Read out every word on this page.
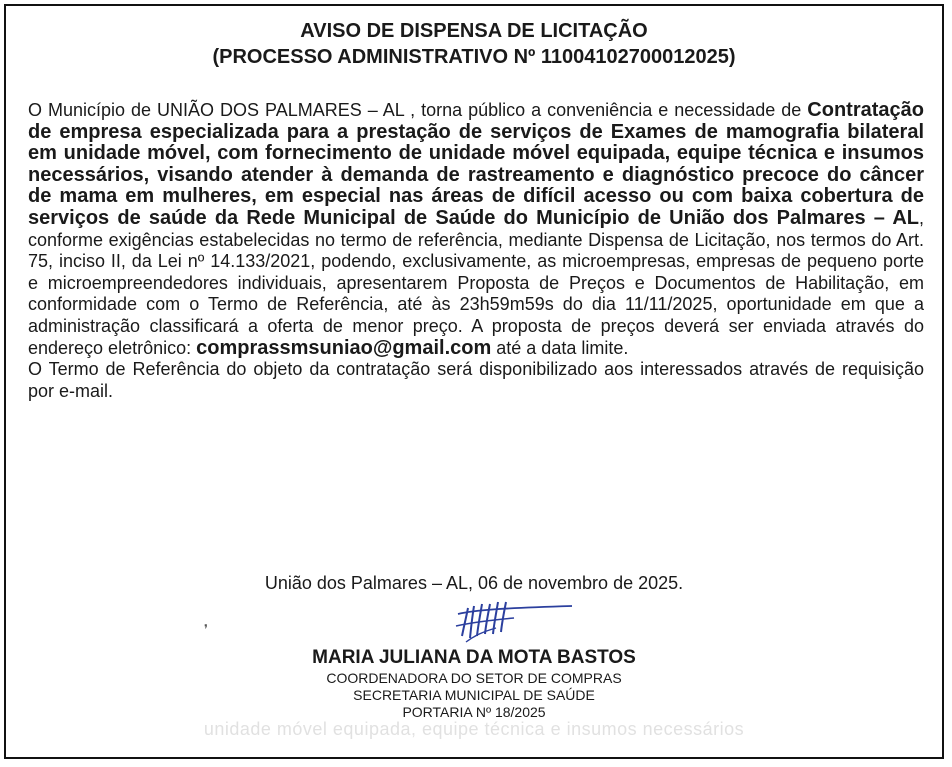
AVISO DE DISPENSA DE LICITAÇÃO
(PROCESSO ADMINISTRATIVO Nº 11004102700012025)

O Município de UNIÃO DOS PALMARES – AL , torna público a conveniência e necessidade de Contratação de empresa especializada para a prestação de serviços de Exames de mamografia bilateral em unidade móvel, com fornecimento de unidade móvel equipada, equipe técnica e insumos necessários, visando atender à demanda de rastreamento e diagnóstico precoce do câncer de mama em mulheres, em especial nas áreas de difícil acesso ou com baixa cobertura de serviços de saúde da Rede Municipal de Saúde do Município de União dos Palmares – AL, conforme exigências estabelecidas no termo de referência, mediante Dispensa de Licitação, nos termos do Art. 75, inciso II, da Lei nº 14.133/2021, podendo, exclusivamente, as microempresas, empresas de pequeno porte e microempreendedores individuais, apresentarem Proposta de Preços e Documentos de Habilitação, em conformidade com o Termo de Referência, até às 23h59m59s do dia 11/11/2025, oportunidade em que a administração classificará a oferta de menor preço. A proposta de preços deverá ser enviada através do endereço eletrônico: comprassmsuniao@gmail.com até a data limite.

O Termo de Referência do objeto da contratação será disponibilizado aos interessados através de requisição por e-mail.

União dos Palmares – AL, 06 de novembro de 2025.
❜
MARIA JULIANA DA MOTA BASTOS
COORDENADORA DO SETOR DE COMPRAS
SECRETARIA MUNICIPAL DE SAÚDE
PORTARIA Nº 18/2025
unidade móvel equipada, equipe técnica e insumos necessários
